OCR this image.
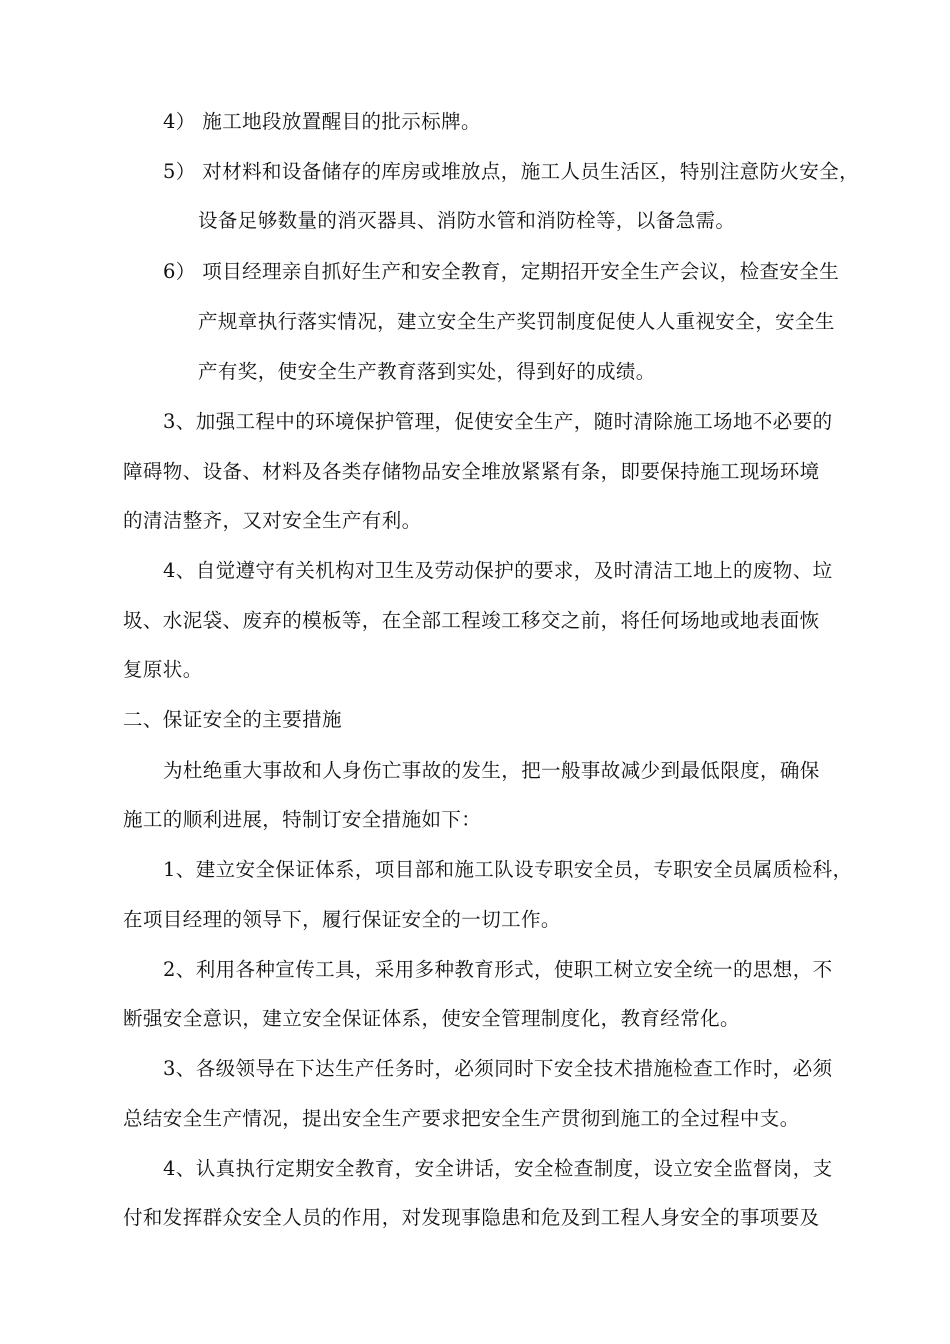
4） 施工地段放置醒目的批示标牌。
5） 对材料和设备储存的库房或堆放点，施工人员生活区，特别注意防火安全，
设备足够数量的消灭器具、消防水管和消防栓等，以备急需。
6） 项目经理亲自抓好生产和安全教育，定期招开安全生产会议，检查安全生
产规章执行落实情况，建立安全生产奖罚制度促使人人重视安全，安全生
产有奖，使安全生产教育落到实处，得到好的成绩。
3、加强工程中的环境保护管理，促使安全生产，随时清除施工场地不必要的
障碍物、设备、材料及各类存储物品安全堆放紧紧有条，即要保持施工现场环境
的清洁整齐，又对安全生产有利。
4、自觉遵守有关机构对卫生及劳动保护的要求，及时清洁工地上的废物、垃
圾、水泥袋、废弃的模板等，在全部工程竣工移交之前，将任何场地或地表面恢
复原状。
二、保证安全的主要措施
为杜绝重大事故和人身伤亡事故的发生，把一般事故减少到最低限度，确保
施工的顺利进展，特制订安全措施如下：
1、建立安全保证体系，项目部和施工队设专职安全员，专职安全员属质检科，
在项目经理的领导下，履行保证安全的一切工作。
2、利用各种宣传工具，采用多种教育形式，使职工树立安全统一的思想，不
断强安全意识，建立安全保证体系，使安全管理制度化，教育经常化。
3、各级领导在下达生产任务时，必须同时下安全技术措施检查工作时，必须
总结安全生产情况，提出安全生产要求把安全生产贯彻到施工的全过程中支。
4、认真执行定期安全教育，安全讲话，安全检查制度，设立安全监督岗，支
付和发挥群众安全人员的作用，对发现事隐患和危及到工程人身安全的事项要及
